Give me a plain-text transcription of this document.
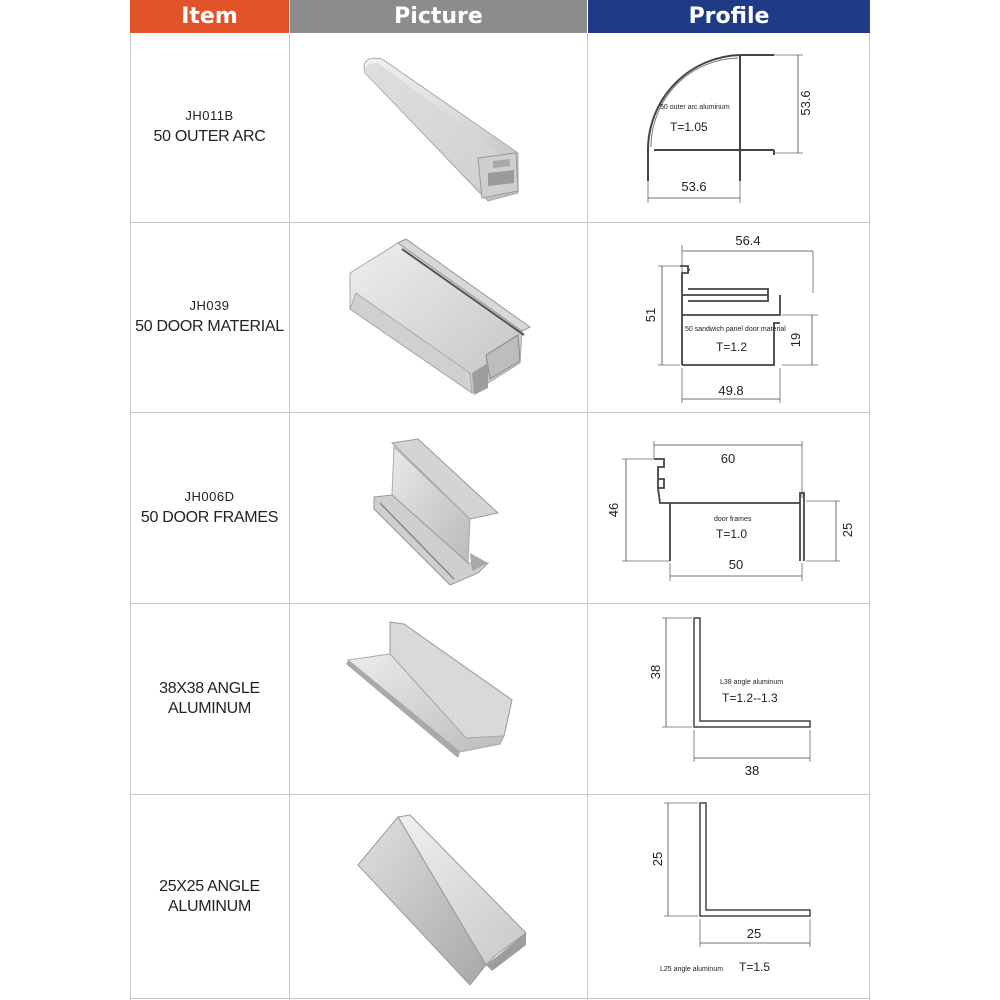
Item	Picture	Profile
JH011B
50 OUTER ARC
53.6
53.6
50 outer arc aluminum
T=1.05
JH039
50 DOOR MATERIAL
56.4
51
19
49.8
50 sandwich panel door material
T=1.2
JH006D
50 DOOR FRAMES
60
46
25
50
door frames
T=1.0
38X38 ANGLE
ALUMINUM
38
38
L38 angle aluminum
T=1.2--1.3
25X25 ANGLE
ALUMINUM
25
25
L25 angle aluminum T=1.5
